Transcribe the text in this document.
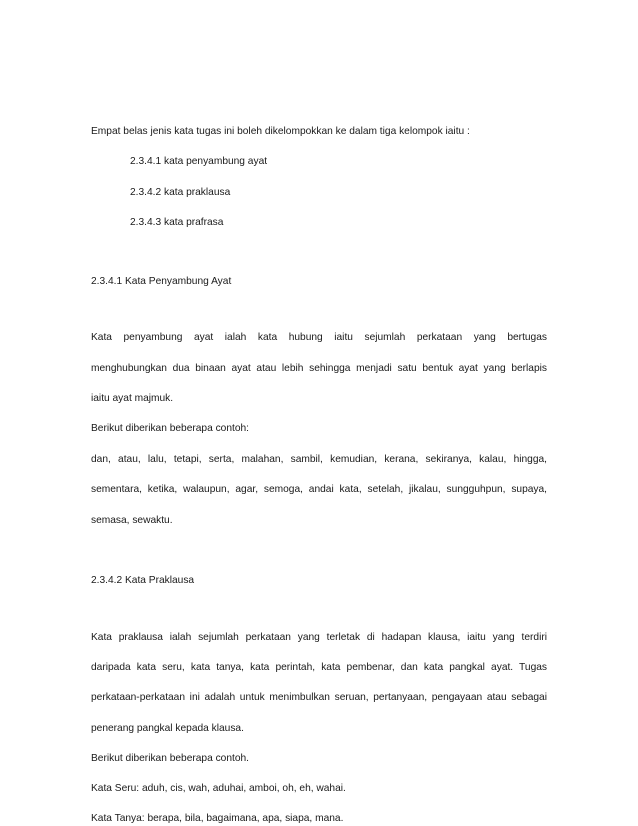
Empat belas jenis kata tugas ini boleh dikelompokkan ke dalam tiga kelompok iaitu :
2.3.4.1 kata penyambung ayat
2.3.4.2 kata praklausa
2.3.4.3 kata prafrasa
2.3.4.1 Kata Penyambung Ayat
Kata penyambung ayat ialah kata hubung iaitu sejumlah perkataan yang bertugas
menghubungkan dua binaan ayat atau lebih sehingga menjadi satu bentuk ayat yang berlapis
iaitu ayat majmuk.
Berikut diberikan beberapa contoh:
dan, atau, lalu, tetapi, serta, malahan, sambil, kemudian, kerana, sekiranya, kalau, hingga,
sementara, ketika, walaupun, agar, semoga, andai kata, setelah, jikalau, sungguhpun, supaya,
semasa, sewaktu.
2.3.4.2 Kata Praklausa
Kata praklausa ialah sejumlah perkataan yang terletak di hadapan klausa, iaitu yang terdiri
daripada kata seru, kata tanya, kata perintah, kata pembenar, dan kata pangkal ayat. Tugas
perkataan-perkataan ini adalah untuk menimbulkan seruan, pertanyaan, pengayaan atau sebagai
penerang pangkal kepada klausa.
Berikut diberikan beberapa contoh.
Kata Seru: aduh, cis, wah, aduhai, amboi, oh, eh, wahai.
Kata Tanya: berapa, bila, bagaimana, apa, siapa, mana.
